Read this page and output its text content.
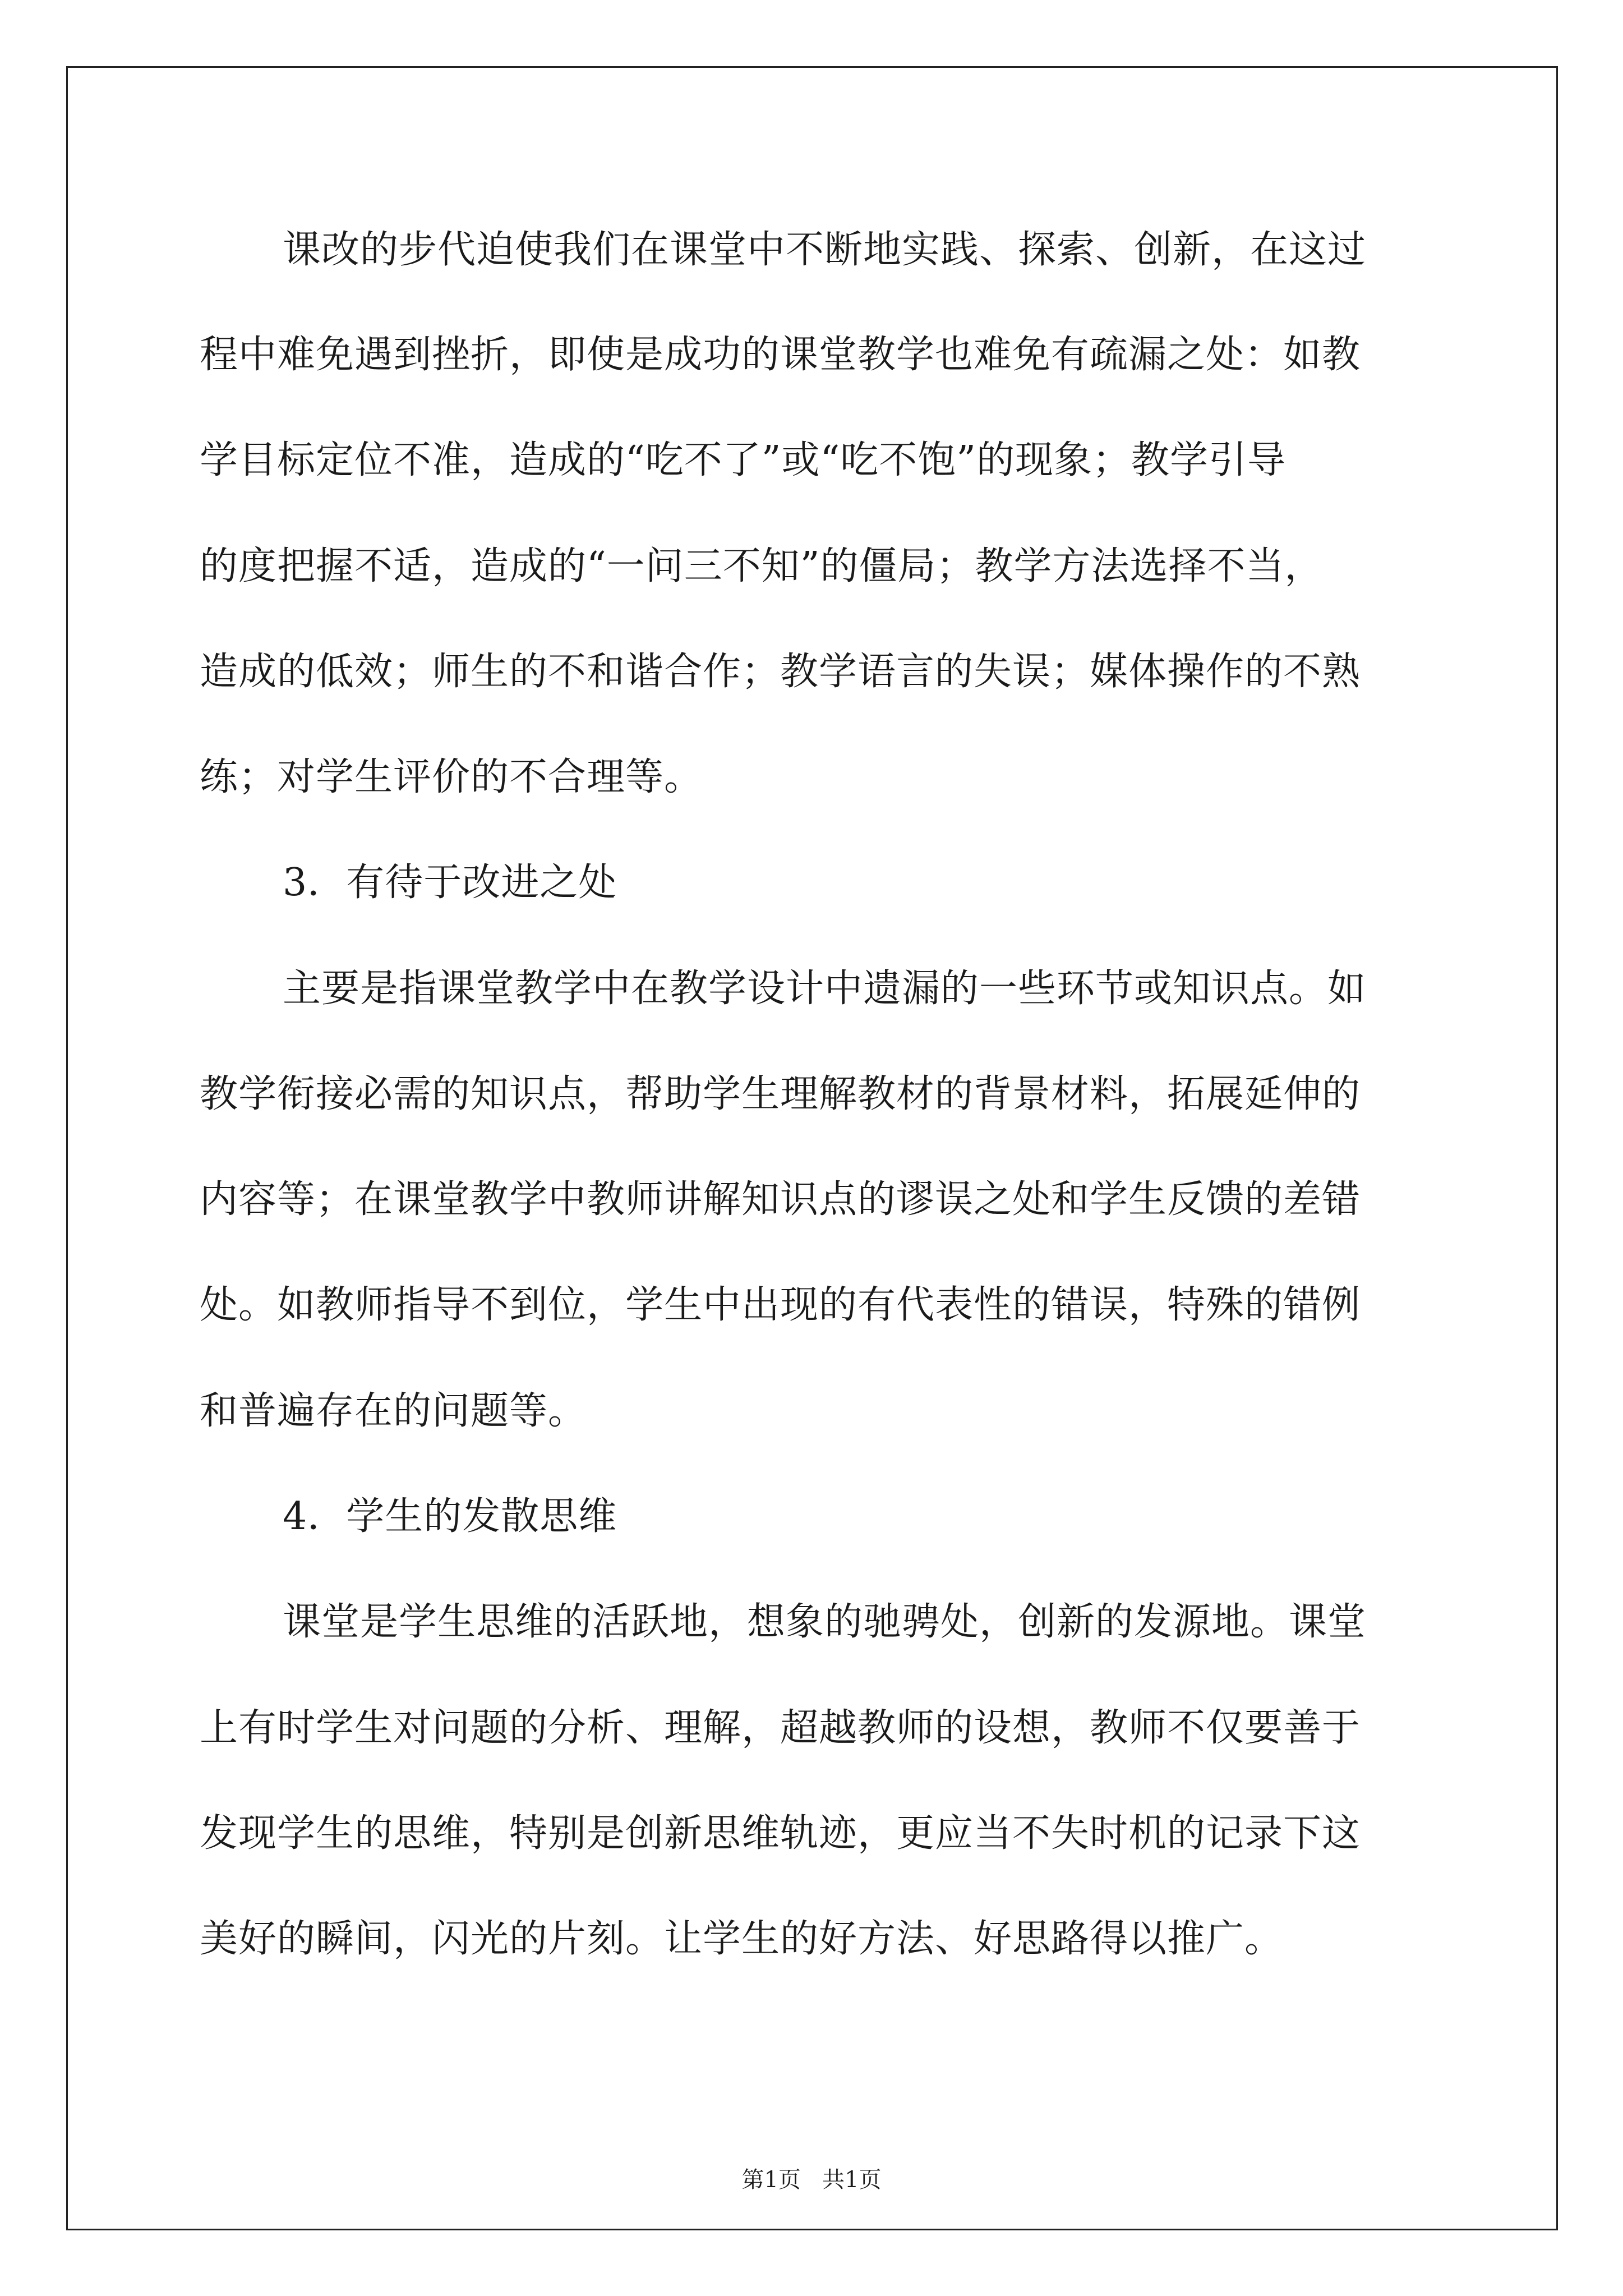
课改的步代迫使我们在课堂中不断地实践、探索、创新，在这过
程中难免遇到挫折，即使是成功的课堂教学也难免有疏漏之处：如教
学目标定位不准，造成的“吃不了”或“吃不饱”的现象；教学引导
的度把握不适，造成的“一问三不知”的僵局；教学方法选择不当，
造成的低效；师生的不和谐合作；教学语言的失误；媒体操作的不熟
练；对学生评价的不合理等。
3．有待于改进之处
主要是指课堂教学中在教学设计中遗漏的一些环节或知识点。如
教学衔接必需的知识点，帮助学生理解教材的背景材料，拓展延伸的
内容等；在课堂教学中教师讲解知识点的谬误之处和学生反馈的差错
处。如教师指导不到位，学生中出现的有代表性的错误，特殊的错例
和普遍存在的问题等。
4．学生的发散思维
课堂是学生思维的活跃地，想象的驰骋处，创新的发源地。课堂
上有时学生对问题的分析、理解，超越教师的设想，教师不仅要善于
发现学生的思维，特别是创新思维轨迹，更应当不失时机的记录下这
美好的瞬间，闪光的片刻。让学生的好方法、好思路得以推广。
第1页   共1页
